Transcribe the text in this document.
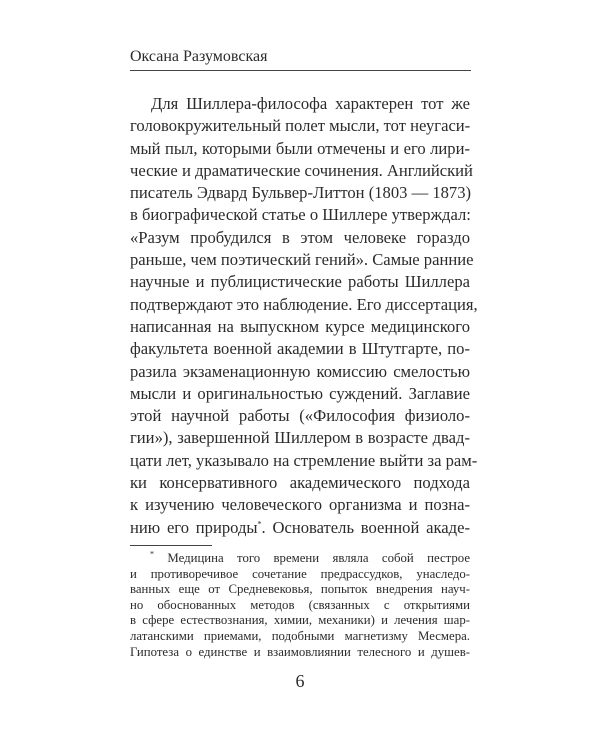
Оксана Разумовская
Для Шиллера-философа характерен тот же
головокружительный полет мысли, тот неугаси-
мый пыл, которыми были отмечены и его лири-
ческие и драматические сочинения. Английский
писатель Эдвард Бульвер-Литтон (1803 — 1873)
в биографической статье о Шиллере утверждал:
«Разум пробудился в этом человеке гораздо
раньше, чем поэтический гений». Самые ранние
научные и публицистические работы Шиллера
подтверждают это наблюдение. Его диссертация,
написанная на выпускном курсе медицинского
факультета военной академии в Штутгарте, по-
разила экзаменационную комиссию смелостью
мысли и оригинальностью суждений. Заглавие
этой научной работы («Философия физиоло-
гии»), завершенной Шиллером в возрасте двад-
цати лет, указывало на стремление выйти за рам-
ки консервативного академического подхода
к изучению человеческого организма и позна-
нию его природы*. Основатель военной акаде-
* Медицина того времени являла собой пестрое
и противоречивое сочетание предрассудков, унаследо-
ванных еще от Средневековья, попыток внедрения науч-
но обоснованных методов (связанных с открытиями
в сфере естествознания, химии, механики) и лечения шар-
латанскими приемами, подобными магнетизму Месмера.
Гипотеза о единстве и взаимовлиянии телесного и душев-
6
